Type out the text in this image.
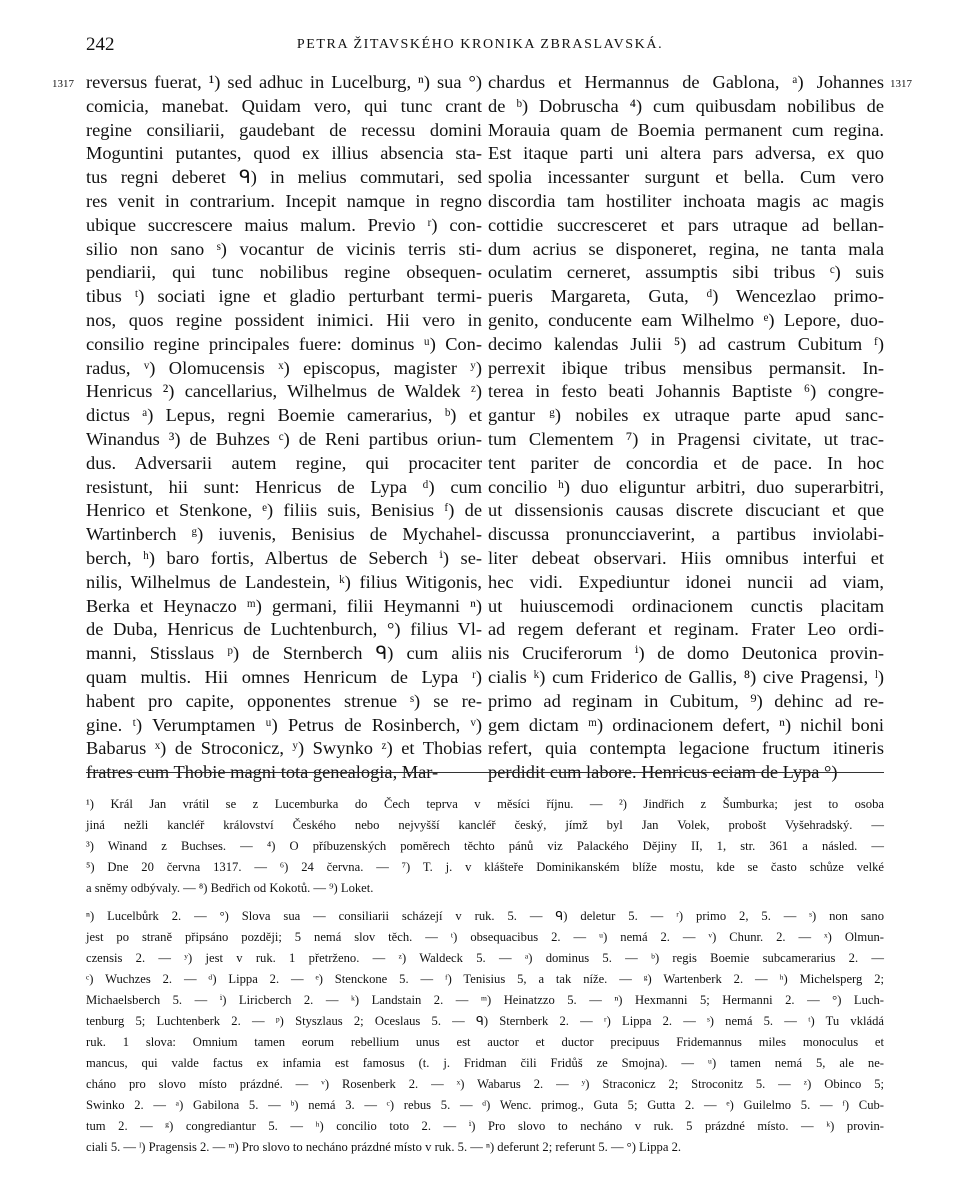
242	PETRA ŽITAVSKÉHO KRONIKA ZBRASLAVSKÁ.
1317	1317
reversus fuerat, ¹) sed adhuc in Lucelburg, ⁿ) sua °)
comicia, manebat. Quidam vero, qui tunc crant
regine consiliarii, gaudebant de recessu domini
Moguntini putantes, quod ex illius absencia sta-
tus regni deberet ᑫ) in melius commutari, sed
res venit in contrarium. Incepit namque in regno
ubique succrescere maius malum. Previo ʳ) con-
silio non sano ˢ) vocantur de vicinis terris sti-
pendiarii, qui tunc nobilibus regine obsequen-
tibus ᵗ) sociati igne et gladio perturbant termi-
nos, quos regine possident inimici. Hii vero in
consilio regine principales fuere: dominus ᵘ) Con-
radus, ᵛ) Olomucensis ˣ) episcopus, magister ʸ)
Henricus ²) cancellarius, Wilhelmus de Waldek ᶻ)
dictus ᵃ) Lepus, regni Boemie camerarius, ᵇ) et
Winandus ³) de Buhzes ᶜ) de Reni partibus oriun-
dus. Adversarii autem regine, qui procaciter
resistunt, hii sunt: Henricus de Lypa ᵈ) cum
Henrico et Stenkone, ᵉ) filiis suis, Benisius ᶠ) de
Wartinberch ᵍ) iuvenis, Benisius de Mychahel-
berch, ʰ) baro fortis, Albertus de Seberch ⁱ) se-
nilis, Wilhelmus de Landestein, ᵏ) filius Witigonis,
Berka et Heynaczo ᵐ) germani, filii Heymanni ⁿ)
de Duba, Henricus de Luchtenburch, °) filius Vl-
manni, Stisslaus ᵖ) de Sternberch ᑫ) cum aliis
quam multis. Hii omnes Henricum de Lypa ʳ)
habent pro capite, opponentes strenue ˢ) se re-
gine. ᵗ) Verumptamen ᵘ) Petrus de Rosinberch, ᵛ)
Babarus ˣ) de Stroconicz, ʸ) Swynko ᶻ) et Thobias
fratres cum Thobie magni tota genealogia, Mar-
chardus et Hermannus de Gablona, ᵃ) Johannes
de ᵇ) Dobruscha ⁴) cum quibusdam nobilibus de
Morauia quam de Boemia permanent cum regina.
Est itaque parti uni altera pars adversa, ex quo
spolia incessanter surgunt et bella. Cum vero
discordia tam hostiliter inchoata magis ac magis
cottidie succresceret et pars utraque ad bellan-
dum acrius se disponeret, regina, ne tanta mala
oculatim cerneret, assumptis sibi tribus ᶜ) suis
pueris Margareta, Guta, ᵈ) Wencezlao primo-
genito, conducente eam Wilhelmo ᵉ) Lepore, duo-
decimo kalendas Julii ⁵) ad castrum Cubitum ᶠ)
perrexit ibique tribus mensibus permansit. In-
terea in festo beati Johannis Baptiste ⁶) congre-
gantur ᵍ) nobiles ex utraque parte apud sanc-
tum Clementem ⁷) in Pragensi civitate, ut trac-
tent pariter de concordia et de pace. In hoc
concilio ʰ) duo eliguntur arbitri, duo superarbitri,
ut dissensionis causas discrete discuciant et que
discussa pronuncciaverint, a partibus inviolabi-
liter debeat observari. Hiis omnibus interfui et
hec vidi. Expediuntur idonei nuncii ad viam,
ut huiuscemodi ordinacionem cunctis placitam
ad regem deferant et reginam. Frater Leo ordi-
nis Cruciferorum ⁱ) de domo Deutonica provin-
cialis ᵏ) cum Friderico de Gallis, ⁸) cive Pragensi, ˡ)
primo ad reginam in Cubitum, ⁹) dehinc ad re-
gem dictam ᵐ) ordinacionem defert, ⁿ) nichil boni
refert, quia contempta legacione fructum itineris
perdidit cum labore. Henricus eciam de Lypa °)
¹) Král Jan vrátil se z Lucemburka do Čech teprva v měsíci říjnu. — ²) Jindřich z Šumburka; jest to osoba
jiná nežli kancléř království Českého nebo nejvyšší kancléř český, jímž byl Jan Volek, probošt Vyšehradský. —
³) Winand z Buchses. — ⁴) O příbuzenských poměrech těchto pánů viz Palackého Dějiny II, 1, str. 361 a násled. —
⁵) Dne 20 června 1317. — ⁶) 24 června. — ⁷) T. j. v klášteře Dominikanském blíže mostu, kde se často schůze velké
a sněmy odbývaly. — ⁸) Bedřich od Kokotů. — ⁹) Loket.
ⁿ) Lucelbůrk 2. — °) Slova sua — consiliarii scházejí v ruk. 5. — ᑫ) deletur 5. — ʳ) primo 2, 5. — ˢ) non sano
jest po straně připsáno později; 5 nemá slov těch. — ᵗ) obsequacibus 2. — ᵘ) nemá 2. — ᵛ) Chunr. 2. — ˣ) Olmun-
czensis 2. — ʸ) jest v ruk. 1 přetrženo. — ᶻ) Waldeck 5. — ᵃ) dominus 5. — ᵇ) regis Boemie subcamerarius 2. —
ᶜ) Wuchzes 2. — ᵈ) Lippa 2. — ᵉ) Stenckone 5. — ᶠ) Tenisius 5, a tak níže. — ᵍ) Wartenberk 2. — ʰ) Michelsperg 2;
Michaelsberch 5. — ⁱ) Liricberch 2. — ᵏ) Landstain 2. — ᵐ) Heinatzzo 5. — ⁿ) Hexmanni 5; Hermanni 2. — °) Luch-
tenburg 5; Luchtenberk 2. — ᵖ) Styszlaus 2; Oceslaus 5. — ᑫ) Sternberk 2. — ʳ) Lippa 2. — ˢ) nemá 5. — ᵗ) Tu vkládá
ruk. 1 slova: Omnium tamen eorum rebellium unus est auctor et ductor precipuus Fridemannus miles monoculus et
mancus, qui valde factus ex infamia est famosus (t. j. Fridman čili Fridůš ze Smojna). — ᵘ) tamen nemá 5, ale ne-
cháno pro slovo místo prázdné. — ᵛ) Rosenberk 2. — ˣ) Wabarus 2. — ʸ) Straconicz 2; Stroconitz 5. — ᶻ) Obinco 5;
Swinko 2. — ᵃ) Gabilona 5. — ᵇ) nemá 3. — ᶜ) rebus 5. — ᵈ) Wenc. primog., Guta 5; Gutta 2. — ᵉ) Guilelmo 5. — ᶠ) Cub-
tum 2. — ᵍ) congrediantur 5. — ʰ) concilio toto 2. — ⁱ) Pro slovo to necháno v ruk. 5 prázdné místo. — ᵏ) provin-
ciali 5. — ˡ) Pragensis 2. — ᵐ) Pro slovo to necháno prázdné místo v ruk. 5. — ⁿ) deferunt 2; referunt 5. — °) Lippa 2.
